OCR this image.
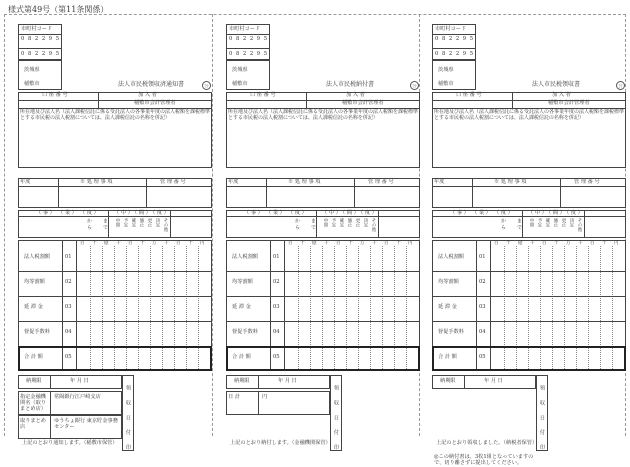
様式第49号（第11条関係）
市町村コード
0 8 2 2 9 5
0 8 2 2 9 5
茨城県
稲敷市	法人市民税領収済通知書	公
口 座 番 号	加 入 者
稲敷市会計管理者
所在地及び法人名（法人課税信託に係る受託法人の各事業年度の法人税額を課税標準とする市民税の法人税割については、法人課税信託の名称を併記）
年度	※ 処 理 事 項	管 理 番 号
（ 事 ） （ 業 ） （ 度 ）	（ 中 ） （ 間 ） （ 度 ）
から まで 中間 予定 確定 修正 更正 決定 その他
百 十 億 千 百 十 万 千 百 十 円
法人税割額	01
均等割額	02
延 滞 金	03
督促手数料	04
合 計 額	05
納期限	年 月 日
領 収 日 付 印
指定金融機関名（取りまとめ店）
常陽銀行江戸崎支店
取りまとめ店
ゆうちょ銀行 東京貯金事務センター
上記のとおり通知します。（稲敷市保管）
市町村コード
0 8 2 2 9 5
0 8 2 2 9 5
茨城県
稲敷市	法人市民税納付書	公
口 座 番 号	加 入 者
稲敷市会計管理者
所在地及び法人名（法人課税信託に係る受託法人の各事業年度の法人税額を課税標準とする市民税の法人税割については、法人課税信託の名称を併記）
年度	※ 処 理 事 項	管 理 番 号
（ 事 ） （ 業 ） （ 度 ）	（ 中 ） （ 間 ） （ 度 ）
から まで 中間 予定 確定 修正 更正 決定 その他
百 十 億 千 百 十 万 千 百 十 円
法人税割額	01
均等割額	02
延 滞 金	03
督促手数料	04
合 計 額	05
納期限	年 月 日
領 収 日 付 印
日 計	円
上記のとおり納付します。（金融機関保管）
市町村コード
0 8 2 2 9 5
0 8 2 2 9 5
茨城県
稲敷市	法人市民税領収書	公
口 座 番 号	加 入 者
稲敷市会計管理者
所在地及び法人名（法人課税信託に係る受託法人の各事業年度の法人税額を課税標準とする市民税の法人税割については、法人課税信託の名称を併記）
年度	※ 処 理 事 項	管 理 番 号
（ 事 ） （ 業 ） （ 度 ）	（ 中 ） （ 間 ） （ 度 ）
から まで 中間 予定 確定 修正 更正 決定 その他
百 十 億 千 百 十 万 千 百 十 円
法人税割額	01
均等割額	02
延 滞 金	03
督促手数料	04
合 計 額	05
納期限	年 月 日
領 収 日 付 印
上記のとおり領収しました。（納税者保管）
◎この納付書は、3枚1組となっていますので、切り離さずに提出してください。
